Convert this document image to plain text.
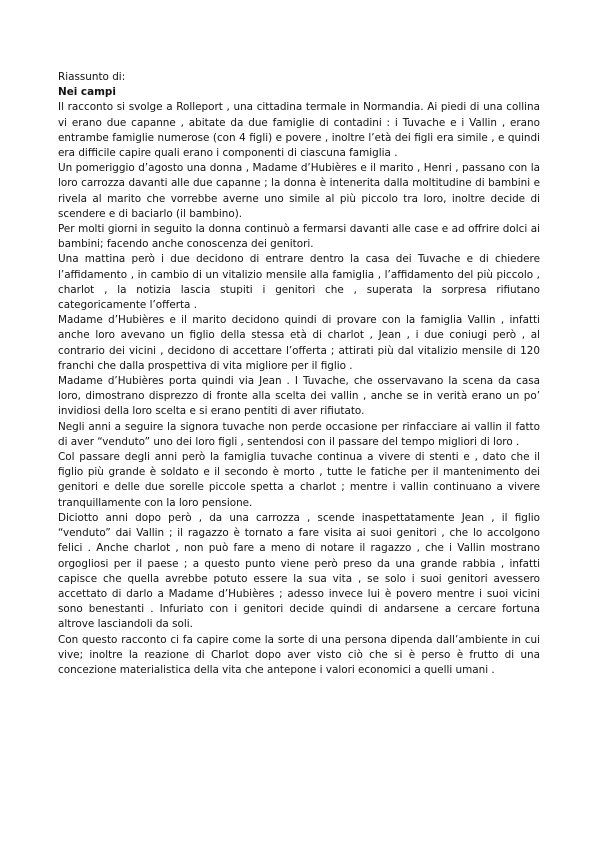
Riassunto di:
Nei campi
Il racconto si svolge a Rolleport , una cittadina termale in Normandia. Ai piedi di una collina vi erano due capanne , abitate da due famiglie di contadini : i Tuvache e i Vallin , erano entrambe famiglie numerose (con 4 figli) e povere , inoltre l’età dei figli era simile , e quindi era difficile capire quali erano i componenti di ciascuna famiglia .
Un pomeriggio d’agosto una donna , Madame d’Hubières e il marito , Henri , passano con la loro carrozza davanti alle due capanne ; la donna è intenerita dalla moltitudine di bambini e rivela al marito che vorrebbe averne uno simile al più piccolo tra loro, inoltre decide di scendere e di baciarlo (il bambino).
Per molti giorni in seguito la donna continuò a fermarsi davanti alle case e ad offrire dolci ai bambini; facendo anche conoscenza dei genitori.
Una mattina però i due decidono di entrare dentro la casa dei Tuvache e di chiedere l’affidamento , in cambio di un vitalizio mensile alla famiglia , l’affidamento del più piccolo , charlot , la notizia lascia stupiti i genitori che , superata la sorpresa rifiutano categoricamente l’offerta .
Madame d’Hubières e il marito decidono quindi di provare con la famiglia Vallin , infatti anche loro avevano un figlio della stessa età di charlot , Jean , i due coniugi però , al contrario dei vicini , decidono di accettare l’offerta ; attirati più dal vitalizio mensile di 120 franchi che dalla prospettiva di vita migliore per il figlio .
Madame d’Hubières porta quindi via Jean . I Tuvache, che osservavano la scena da casa loro, dimostrano disprezzo di fronte alla scelta dei vallin , anche se in verità erano un po’ invidiosi della loro scelta e si erano pentiti di aver rifiutato.
Negli anni a seguire la signora tuvache non perde occasione per rinfacciare ai vallin il fatto di aver “venduto” uno dei loro figli , sentendosi con il passare del tempo migliori di loro .
Col passare degli anni però la famiglia tuvache continua a vivere di stenti e , dato che il figlio più grande è soldato e il secondo è morto , tutte le fatiche per il mantenimento dei genitori e delle due sorelle piccole spetta a charlot ; mentre i vallin continuano a vivere tranquillamente con la loro pensione.
Diciotto anni dopo però , da una carrozza , scende inaspettatamente Jean , il figlio “venduto” dai Vallin ; il ragazzo è tornato a fare visita ai suoi genitori , che lo accolgono felici . Anche charlot , non può fare a meno di notare il ragazzo , che i Vallin mostrano orgogliosi per il paese ; a questo punto viene però preso da una grande rabbia , infatti capisce che quella avrebbe potuto essere la sua vita , se solo i suoi genitori avessero accettato di darlo a Madame d’Hubières ; adesso invece lui è povero mentre i suoi vicini sono benestanti . Infuriato con i genitori decide quindi di andarsene a cercare fortuna altrove lasciandoli da soli.
Con questo racconto ci fa capire come la sorte di una persona dipenda dall’ambiente in cui vive; inoltre la reazione di Charlot dopo aver visto ciò che si è perso è frutto di una concezione materialistica della vita che antepone i valori economici a quelli umani .
